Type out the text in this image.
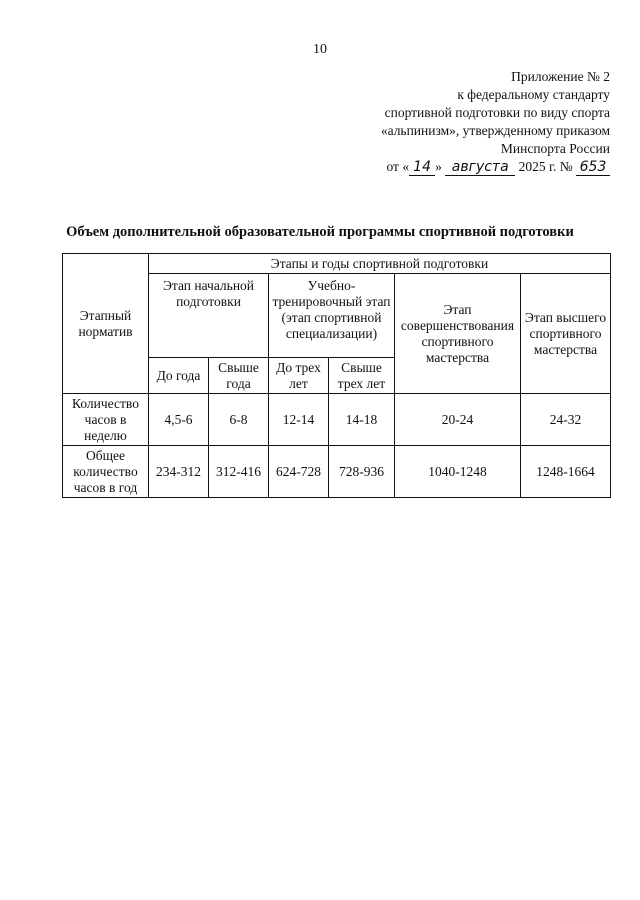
10
Приложение № 2
к федеральному стандарту
спортивной подготовки по виду спорта
«альпинизм», утвержденному приказом
Минспорта России
от « 14 » августа 2025 г. № 653
Объем дополнительной образовательной программы спортивной подготовки
Этапный норматив	Этапы и годы спортивной подготовки					
	Этап начальной подготовки		Учебно-тренировочный этап (этап спортивной специализации)		Этап совершенствования спортивного мастерства	Этап высшего спортивного мастерства
	До года	Свыше года	До трех лет	Свыше трех лет		
Количество часов в неделю	4,5-6	6-8	12-14	14-18	20-24	24-32
Общее количество часов в год	234-312	312-416	624-728	728-936	1040-1248	1248-1664
